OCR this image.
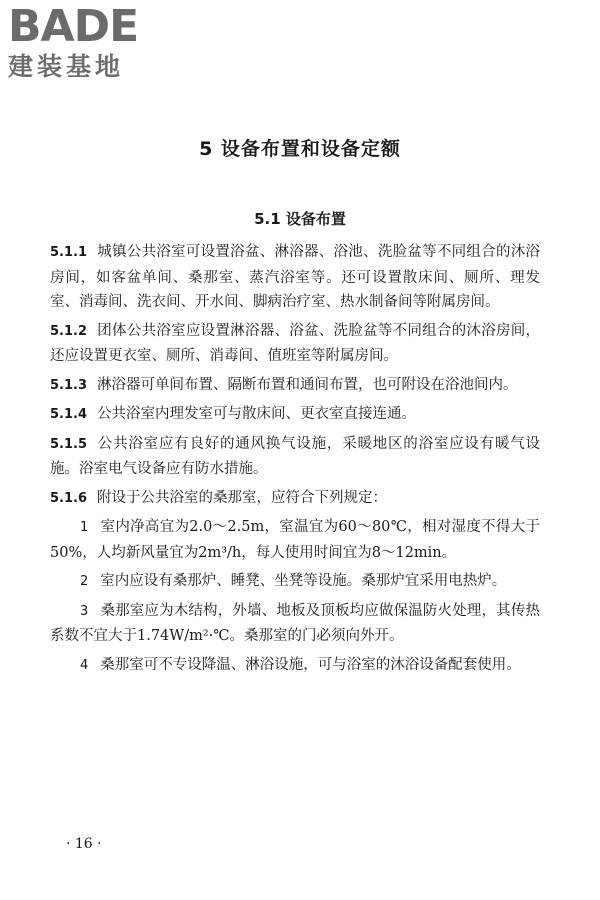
BADE
建装基地
5 设备布置和设备定额
5.1 设备布置

5.1.1 城镇公共浴室可设置浴盆、淋浴器、浴池、洗脸盆等不同组合的沐浴房间，如客盆单间、桑那室、蒸汽浴室等。还可设置散床间、厕所、理发室、消毒间、洗衣间、开水间、脚病治疗室、热水制备间等附属房间。

5.1.2 团体公共浴室应设置淋浴器、浴盆、洗脸盆等不同组合的沐浴房间，还应设置更衣室、厕所、消毒间、值班室等附属房间。

5.1.3 淋浴器可单间布置、隔断布置和通间布置，也可附设在浴池间内。

5.1.4 公共浴室内理发室可与散床间、更衣室直接连通。

5.1.5 公共浴室应有良好的通风换气设施，采暖地区的浴室应设有暖气设施。浴室电气设备应有防水措施。

5.1.6 附设于公共浴室的桑那室，应符合下列规定：

1 室内净高宜为2.0～2.5m，室温宜为60～80℃，相对湿度不得大于50%，人均新风量宜为2m³/h，每人使用时间宜为8～12min。

2 室内应设有桑那炉、睡凳、坐凳等设施。桑那炉宜采用电热炉。

3 桑那室应为木结构，外墙、地板及顶板均应做保温防火处理，其传热系数不宜大于1.74W/m²·℃。桑那室的门必须向外开。

4 桑那室可不专设降温、淋浴设施，可与浴室的沐浴设备配套使用。

· 16 ·
